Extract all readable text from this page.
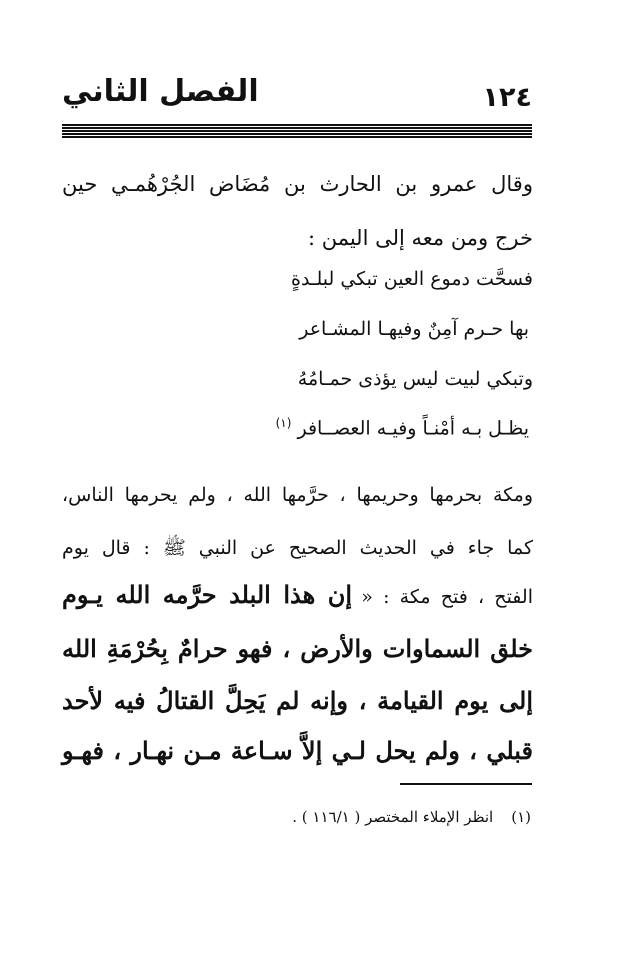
١٢٤
الفصل الثاني
وقال عمرو بن الحارث بن مُضَاض الجُرْهُمـي حين
خرج ومن معه إلى اليمن :
فسحَّت دموع العين تبكي لبلـدةٍ
بها حـرم آمِنٌ وفيهـا المشـاعر
وتبكي لبيت ليس يؤذى حمـامُهُ
يظـل بـه أمْنـاً وفيـه العصــافر $^{(١)}$
ومكة بحرمها وحريمها ، حرَّمها الله ، ولم يحرمها الناس،
كما جاء في الحديث الصحيح عن النبي ﷺ : قال يوم
الفتح ، فتح مكة : « إن هذا البلد حرَّمه الله يـوم
خلق السماوات والأرض ، فهو حرامٌ بِحُرْمَةِ الله
إلى يوم القيامة ، وإنه لم يَحِلَّ القتالُ فيه لأحد
قبلي ، ولم يحل لـي إلاَّ سـاعة مـن نهـار ، فهـو
(١)انظر الإملاء المختصر ( ١١٦/١ ) .
